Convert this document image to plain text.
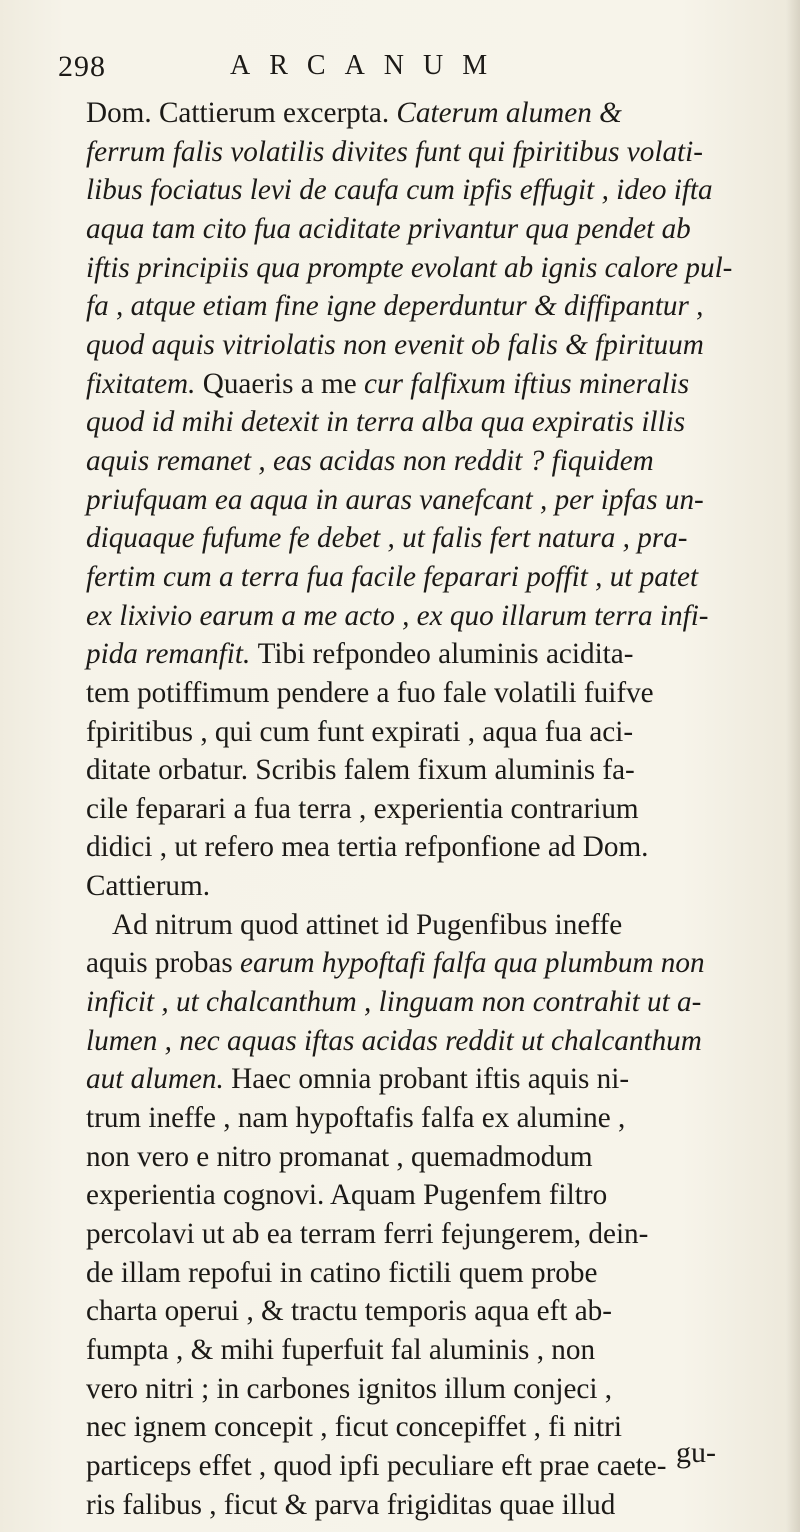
298	ARCANUM
Dom. Cattierum excerpta. Caterum alumen &
ferrum falis volatilis divites funt qui fpiritibus volati-
libus fociatus levi de caufa cum ipfis effugit , ideo ifta
aqua tam cito fua aciditate privantur qua pendet ab
iftis principiis qua prompte evolant ab ignis calore pul-
fa , atque etiam fine igne deperduntur & diffipantur ,
quod aquis vitriolatis non evenit ob falis & fpirituum
fixitatem. Quaeris a me cur falfixum iftius mineralis
quod id mihi detexit in terra alba qua expiratis illis
aquis remanet , eas acidas non reddit ? fiquidem
priufquam ea aqua in auras vanefcant , per ipfas un-
diquaque fufume fe debet , ut falis fert natura , pra-
fertim cum a terra fua facile feparari poffit , ut patet
ex lixivio earum a me acto , ex quo illarum terra infi-
pida remanfit. Tibi refpondeo aluminis acidita-
tem potiffimum pendere a fuo fale volatili fuifve
fpiritibus , qui cum funt expirati , aqua fua aci-
ditate orbatur. Scribis falem fixum aluminis fa-
cile feparari a fua terra , experientia contrarium
didici , ut refero mea tertia refponfione ad Dom.
Cattierum.
Ad nitrum quod attinet id Pugenfibus ineffe
aquis probas earum hypoftafi falfa qua plumbum non
inficit , ut chalcanthum , linguam non contrahit ut a-
lumen , nec aquas iftas acidas reddit ut chalcanthum
aut alumen. Haec omnia probant iftis aquis ni-
trum ineffe , nam hypoftafis falfa ex alumine ,
non vero e nitro promanat , quemadmodum
experientia cognovi. Aquam Pugenfem filtro
percolavi ut ab ea terram ferri fejungerem, dein-
de illam repofui in catino fictili quem probe
charta operui , & tractu temporis aqua eft ab-
fumpta , & mihi fuperfuit fal aluminis , non
vero nitri ; in carbones ignitos illum conjeci ,
nec ignem concepit , ficut concepiffet , fi nitri
particeps effet , quod ipfi peculiare eft prae caete-
ris falibus , ficut & parva frigiditas quae illud
gu-
